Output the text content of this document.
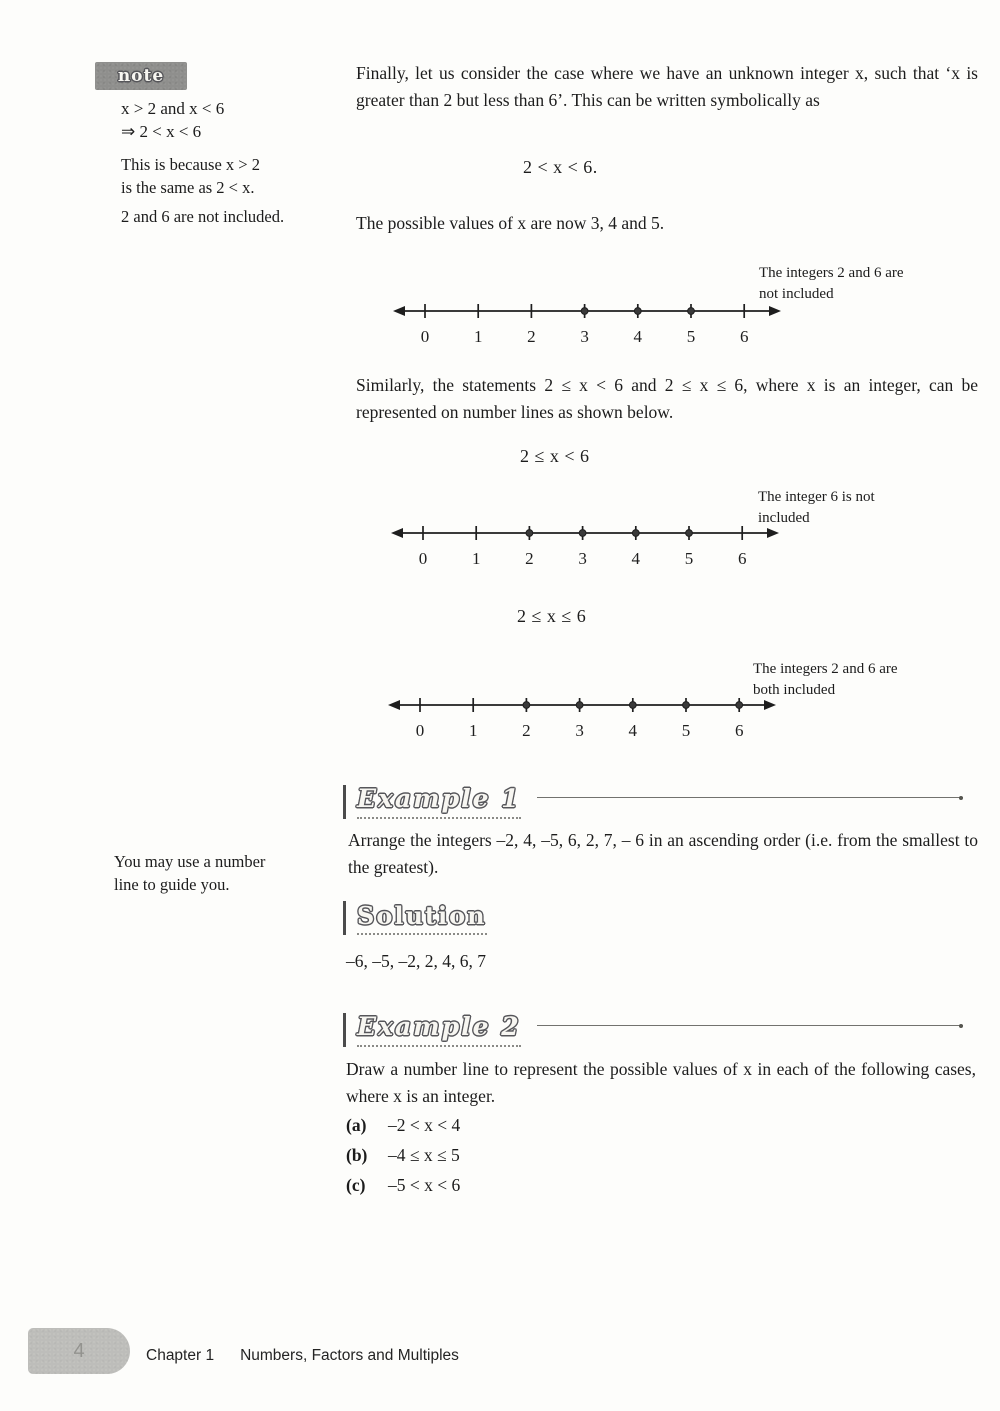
note
x > 2 and x < 6
⇒ 2 < x < 6
This is because x > 2
is the same as 2 < x.
2 and 6 are not included.
Finally, let us consider the case where we have an unknown integer x, such that ‘x is greater than 2 but less than 6’. This can be written symbolically as
2 < x < 6.
The possible values of x are now 3, 4 and 5.
The integers 2 and 6 are
not included
0	1	2	3	4	5	6
Similarly, the statements 2 ≤ x < 6 and 2 ≤ x ≤ 6, where x is an integer, can be represented on number lines as shown below.
2 ≤ x < 6
The integer 6 is not
included
0	1	2	3	4	5	6
2 ≤ x ≤ 6
The integers 2 and 6 are
both included
0	1	2	3	4	5	6
Example 1
Arrange the integers –2, 4, –5, 6, 2, 7, – 6 in an ascending order (i.e. from the smallest to the greatest).
You may use a number
line to guide you.
Solution
–6, –5, –2, 2, 4, 6, 7
Example 2
Draw a number line to represent the possible values of x in each of the following cases, where x is an integer.
(a)	–2 < x < 4
(b)	–4 ≤ x ≤ 5
(c)	–5 < x < 6
4	Chapter 1 Numbers, Factors and Multiples
